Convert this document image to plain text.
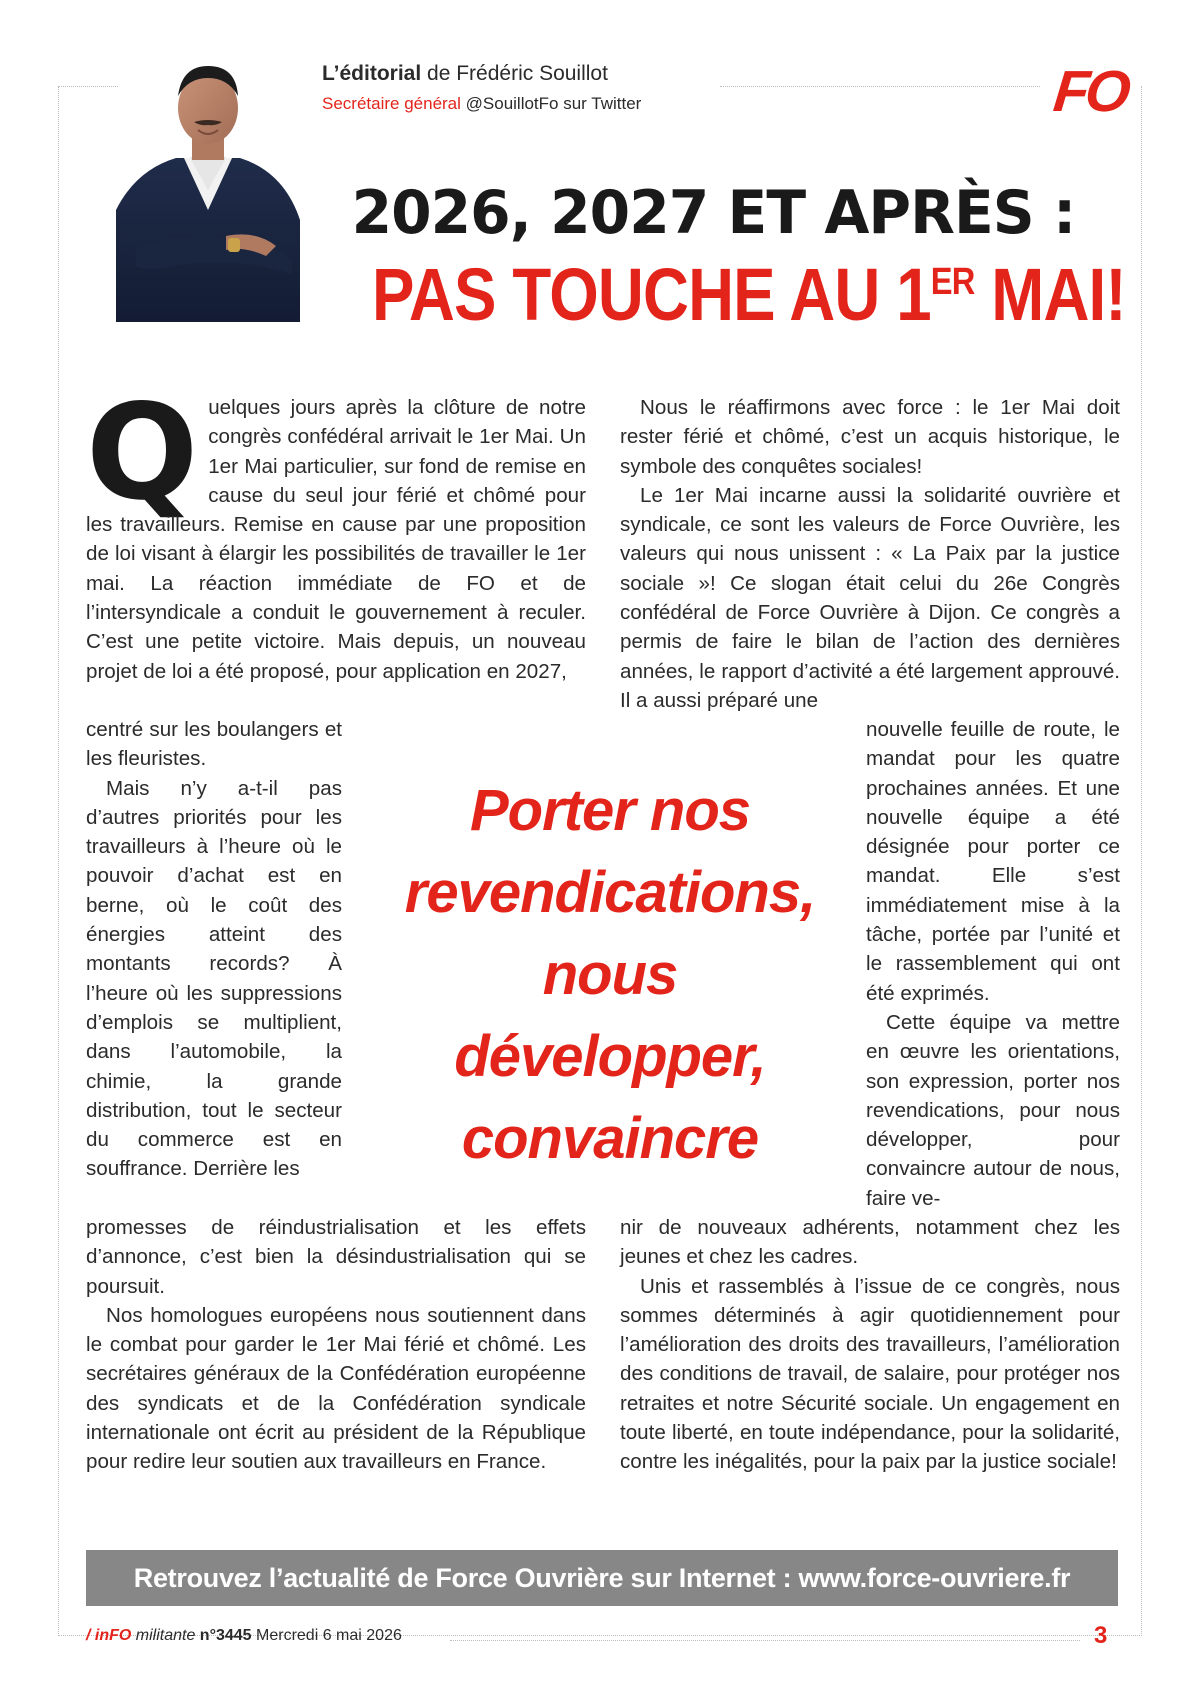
L’éditorial de Frédéric Souillot
Secrétaire général @SouillotFo sur Twitter	FO
2026, 2027 ET APRÈS :
PAS TOUCHE AU 1ER MAI!
Q uelques jours après la clôture de notre congrès confédéral arrivait le 1er Mai. Un 1er Mai particulier, sur fond de remise en cause du seul jour férié et chômé pour les travailleurs. Remise en cause par une proposition de loi visant à élargir les possibilités de travailler le 1er mai. La réaction immédiate de FO et de l’intersyndicale a conduit le gouvernement à reculer. C’est une petite victoire. Mais depuis, un nouveau projet de loi a été proposé, pour application en 2027,

centré sur les boulangers et les fleuristes.

Mais n’y a-t-il pas d’autres priorités pour les travailleurs à l’heure où le pouvoir d’achat est en berne, où le coût des énergies atteint des montants records? À l’heure où les suppressions d’emplois se multiplient, dans l’automobile, la chimie, la grande distribution, tout le secteur du commerce est en souffrance. Derrière les

promesses de réindustrialisation et les effets d’annonce, c’est bien la désindustrialisation qui se poursuit.

Nos homologues européens nous soutiennent dans le combat pour garder le 1er Mai férié et chômé. Les secrétaires généraux de la Confédération européenne des syndicats et de la Confédération syndicale internationale ont écrit au président de la République pour redire leur soutien aux travailleurs en France.

Nous le réaffirmons avec force : le 1er Mai doit rester férié et chômé, c’est un acquis historique, le symbole des conquêtes sociales!

Le 1er Mai incarne aussi la solidarité ouvrière et syndicale, ce sont les valeurs de Force Ouvrière, les valeurs qui nous unissent : « La Paix par la justice sociale »! Ce slogan était celui du 26e Congrès confédéral de Force Ouvrière à Dijon. Ce congrès a permis de faire le bilan de l’action des dernières années, le rapport d’activité a été largement approuvé. Il a aussi préparé une

nouvelle feuille de route, le mandat pour les quatre prochaines années. Et une nouvelle équipe a été désignée pour porter ce mandat. Elle s’est immédiatement mise à la tâche, portée par l’unité et le rassemblement qui ont été exprimés.

Cette équipe va mettre en œuvre les orientations, son expression, porter nos revendications, pour nous développer, pour convaincre autour de nous, faire ve-

nir de nouveaux adhérents, notamment chez les jeunes et chez les cadres.

Unis et rassemblés à l’issue de ce congrès, nous sommes déterminés à agir quotidiennement pour l’amélioration des droits des travailleurs, l’amélioration des conditions de travail, de salaire, pour protéger nos retraites et notre Sécurité sociale. Un engagement en toute liberté, en toute indépendance, pour la solidarité, contre les inégalités, pour la paix par la justice sociale!

Porter nos
revendications,
nous
développer,
convaincre
Retrouvez l’actualité de Force Ouvrière sur Internet : www.force-ouvriere.fr
/ inFO militante n°3445 Mercredi 6 mai 2026	3
